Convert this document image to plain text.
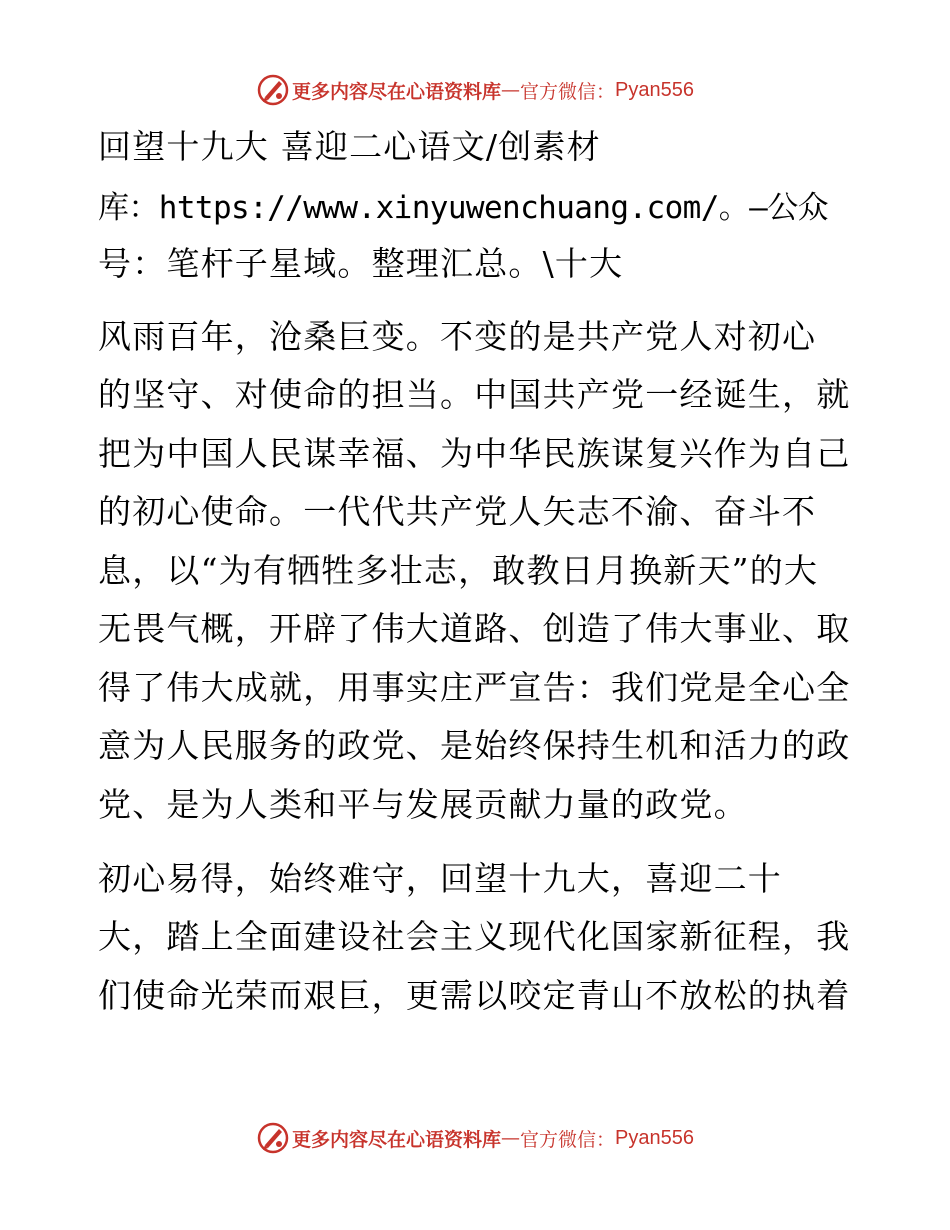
更多内容尽在心语资料库 — 官方微信： Pyan556
回望十九大 喜迎二心语文/创素材
库：https://www.xinyuwenchuang.com/。—公众
号：笔杆子星域。整理汇总。\十大
风雨百年，沧桑巨变。不变的是共产党人对初心
的坚守、对使命的担当。中国共产党一经诞生，就
把为中国人民谋幸福、为中华民族谋复兴作为自己
的初心使命。一代代共产党人矢志不渝、奋斗不
息，以“为有牺牲多壮志，敢教日月换新天”的大
无畏气概，开辟了伟大道路、创造了伟大事业、取
得了伟大成就，用事实庄严宣告：我们党是全心全
意为人民服务的政党、是始终保持生机和活力的政
党、是为人类和平与发展贡献力量的政党。
初心易得，始终难守，回望十九大，喜迎二十
大，踏上全面建设社会主义现代化国家新征程，我
们使命光荣而艰巨，更需以咬定青山不放松的执着
更多内容尽在心语资料库 — 官方微信： Pyan556
